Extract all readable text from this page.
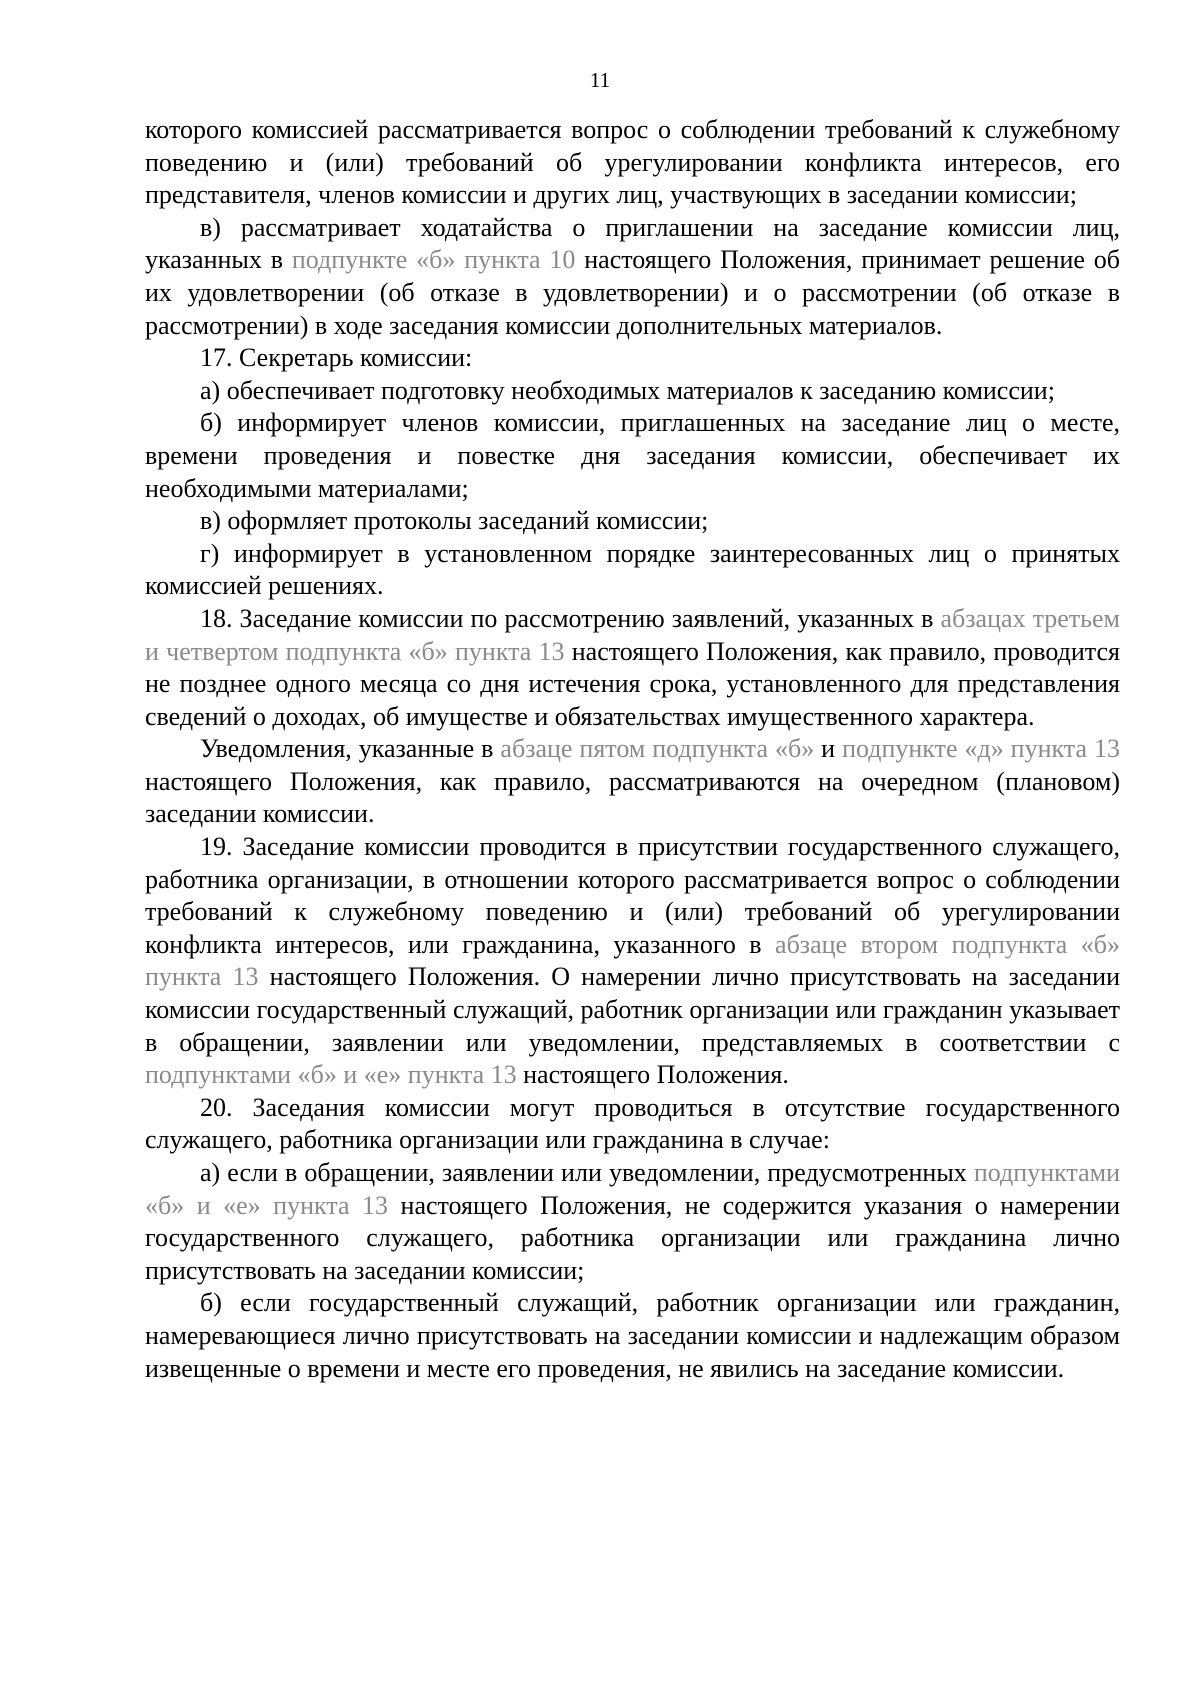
11

которого комиссией рассматривается вопрос о соблюдении требований к служебному поведению и (или) требований об урегулировании конфликта интересов, его представителя, членов комиссии и других лиц, участвующих в заседании комиссии;

в) рассматривает ходатайства о приглашении на заседание комиссии лиц, указанных в подпункте «б» пункта 10 настоящего Положения, принимает решение об их удовлетворении (об отказе в удовлетворении) и о рассмотрении (об отказе в рассмотрении) в ходе заседания комиссии дополнительных материалов.

17. Секретарь комиссии:

а) обеспечивает подготовку необходимых материалов к заседанию комиссии;

б) информирует членов комиссии, приглашенных на заседание лиц о месте, времени проведения и повестке дня заседания комиссии, обеспечивает их необходимыми материалами;

в) оформляет протоколы заседаний комиссии;

г) информирует в установленном порядке заинтересованных лиц о принятых комиссией решениях.

18. Заседание комиссии по рассмотрению заявлений, указанных в абзацах третьем и четвертом подпункта «б» пункта 13 настоящего Положения, как правило, проводится не позднее одного месяца со дня истечения срока, установленного для представления сведений о доходах, об имуществе и обязательствах имущественного характера.

Уведомления, указанные в абзаце пятом подпункта «б» и подпункте «д» пункта 13 настоящего Положения, как правило, рассматриваются на очередном (плановом) заседании комиссии.

19. Заседание комиссии проводится в присутствии государственного служащего, работника организации, в отношении которого рассматривается вопрос о соблюдении требований к служебному поведению и (или) требований об урегулировании конфликта интересов, или гражданина, указанного в абзаце втором подпункта «б» пункта 13 настоящего Положения. О намерении лично присутствовать на заседании комиссии государственный служащий, работник организации или гражданин указывает в обращении, заявлении или уведомлении, представляемых в соответствии с подпунктами «б» и «е» пункта 13 настоящего Положения.

20. Заседания комиссии могут проводиться в отсутствие государственного служащего, работника организации или гражданина в случае:

а) если в обращении, заявлении или уведомлении, предусмотренных подпунктами «б» и «е» пункта 13 настоящего Положения, не содержится указания о намерении государственного служащего, работника организации или гражданина лично присутствовать на заседании комиссии;

б) если государственный служащий, работник организации или гражданин, намеревающиеся лично присутствовать на заседании комиссии и надлежащим образом извещенные о времени и месте его проведения, не явились на заседание комиссии.
